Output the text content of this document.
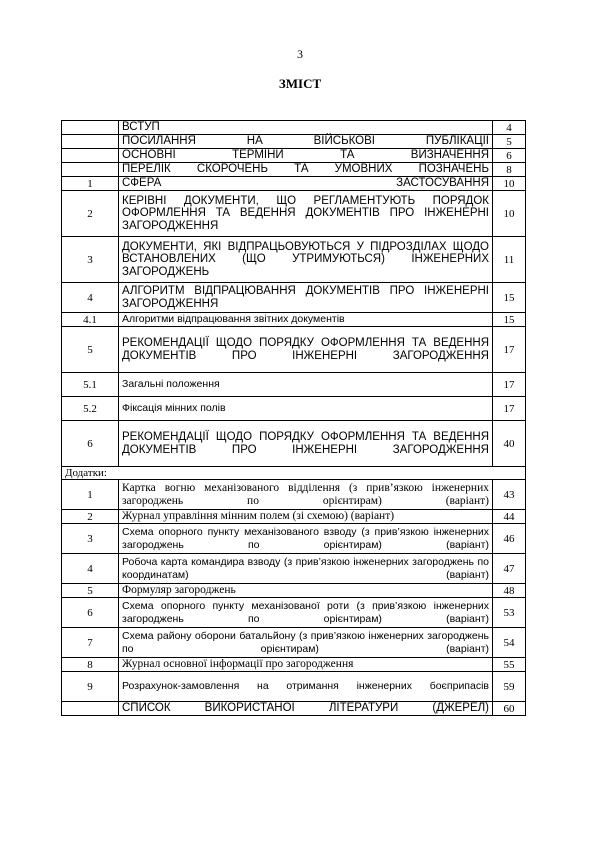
3
ЗМІСТ
	ВСТУП	4
	ПОСИЛАННЯ НА ВІЙСЬКОВІ ПУБЛІКАЦІЇ	5
	ОСНОВНІ ТЕРМІНИ ТА ВИЗНАЧЕННЯ	6
	ПЕРЕЛІК СКОРОЧЕНЬ ТА УМОВНИХ ПОЗНАЧЕНЬ	8
1	СФЕРА ЗАСТОСУВАННЯ	10
2	КЕРІВНІ ДОКУМЕНТИ, ЩО РЕГЛАМЕНТУЮТЬ ПОРЯДОК ОФОРМЛЕННЯ ТА ВЕДЕННЯ ДОКУМЕНТІВ ПРО ІНЖЕНЕРНІ ЗАГОРОДЖЕННЯ	10
3	ДОКУМЕНТИ, ЯКІ ВІДПРАЦЬОВУЮТЬСЯ У ПІДРОЗДІЛАХ ЩОДО ВСТАНОВЛЕНИХ (ЩО УТРИМУЮТЬСЯ) ІНЖЕНЕРНИХ ЗАГОРОДЖЕНЬ	11
4	АЛГОРИТМ ВІДПРАЦЮВАННЯ ДОКУМЕНТІВ ПРО ІНЖЕНЕРНІ ЗАГОРОДЖЕННЯ	15
4.1	Алгоритми відпрацювання звітних документів	15
5	РЕКОМЕНДАЦІЇ ЩОДО ПОРЯДКУ ОФОРМЛЕННЯ ТА ВЕДЕННЯ ДОКУМЕНТІВ ПРО ІНЖЕНЕРНІ ЗАГОРОДЖЕННЯ	17
5.1	Загальні положення	17
5.2	Фіксація мінних полів	17
6	РЕКОМЕНДАЦІЇ ЩОДО ПОРЯДКУ ОФОРМЛЕННЯ ТА ВЕДЕННЯ ДОКУМЕНТІВ ПРО ІНЖЕНЕРНІ ЗАГОРОДЖЕННЯ	40
Додатки:		
1	Картка вогню механізованого відділення (з прив’язкою інженерних загороджень по орієнтирам) (варіант)	43
2	Журнал управління мінним полем (зі схемою) (варіант)	44
3	Схема опорного пункту механізованого взводу (з прив’язкою інженерних загороджень по орієнтирам) (варіант)	46
4	Робоча карта командира взводу (з прив’язкою інженерних загороджень по координатам) (варіант)	47
5	Формуляр загороджень	48
6	Схема опорного пункту механізованої роти (з прив’язкою інженерних загороджень по орієнтирам) (варіант)	53
7	Схема району оборони батальйону (з прив’язкою інженерних загороджень по орієнтирам) (варіант)	54
8	Журнал основної інформації про загородження	55
9	Розрахунок-замовлення на отримання інженерних боєприпасів	59
	СПИСОК ВИКОРИСТАНОЇ ЛІТЕРАТУРИ (ДЖЕРЕЛ)	60
